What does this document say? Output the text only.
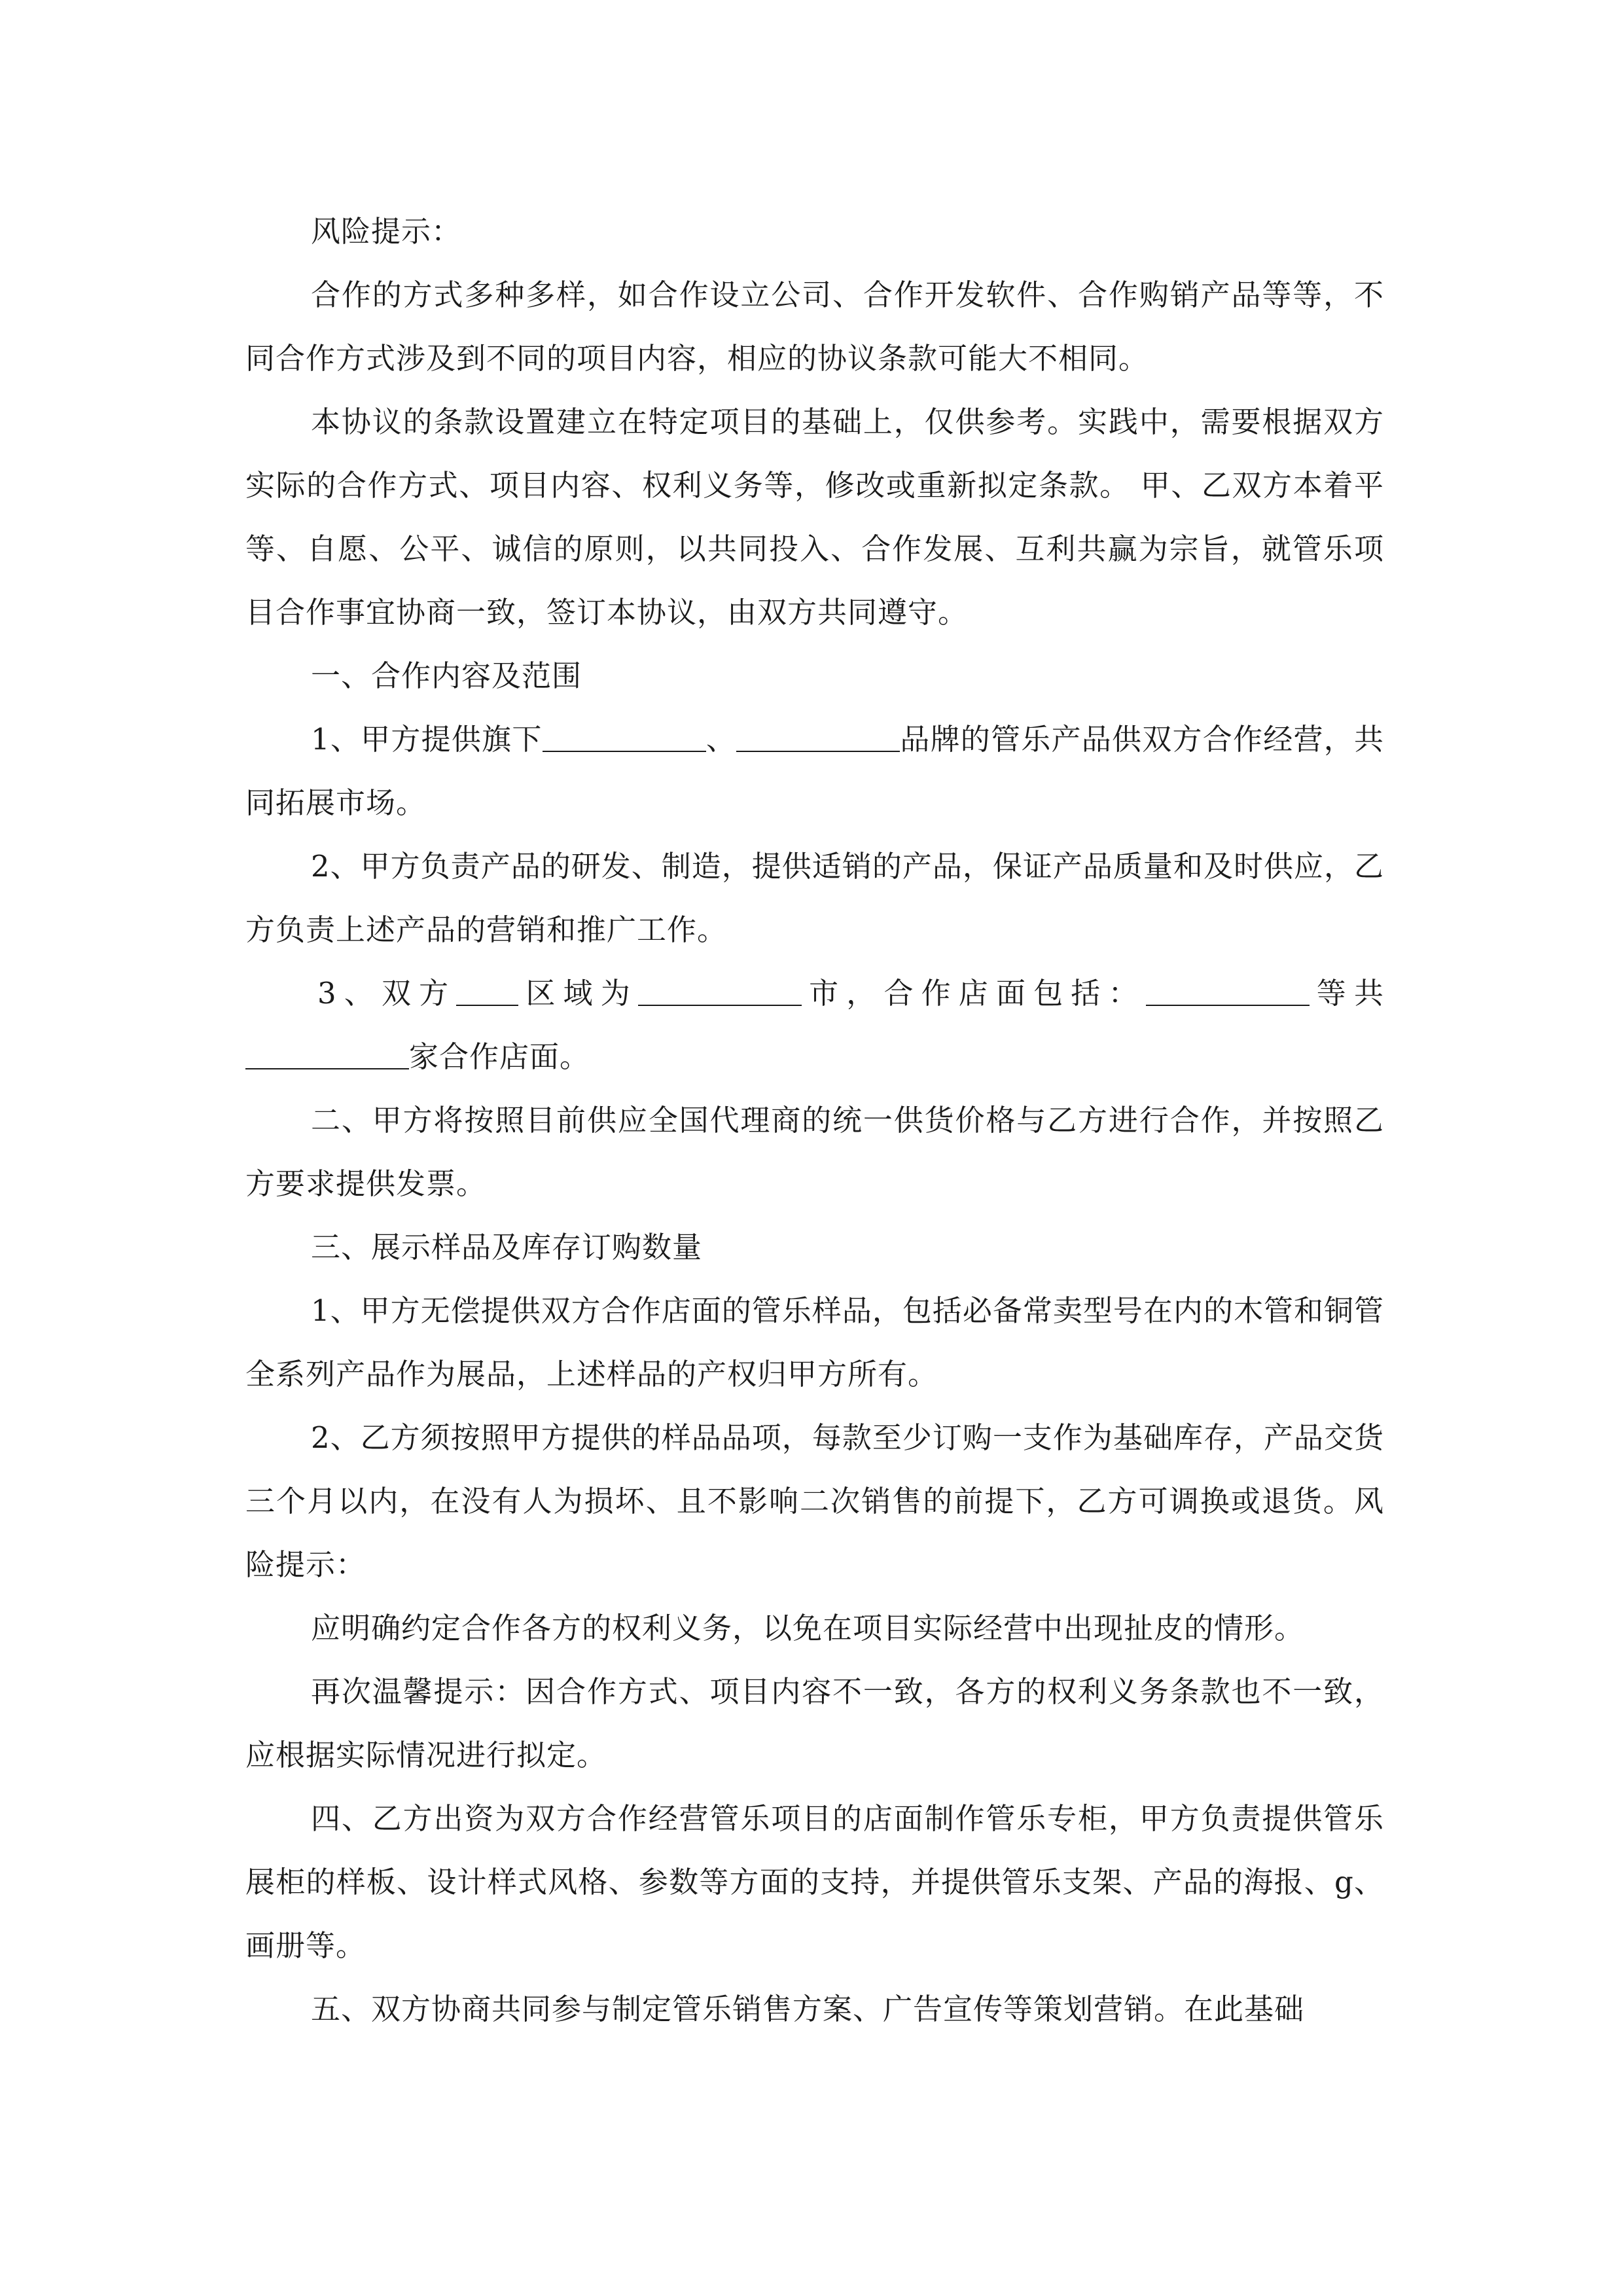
风险提示：

合作的方式多种多样，如合作设立公司、合作开发软件、合作购销产品等等，不同合作方式涉及到不同的项目内容，相应的协议条款可能大不相同。

本协议的条款设置建立在特定项目的基础上，仅供参考。实践中，需要根据双方实际的合作方式、项目内容、权利义务等，修改或重新拟定条款。 甲、乙双方本着平等、自愿、公平、诚信的原则，以共同投入、合作发展、互利共赢为宗旨，就管乐项目合作事宜协商一致，签订本协议，由双方共同遵守。

一、合作内容及范围

1、甲方提供旗下	、	品牌的管乐产品供双方合作经营，共同拓展市场。

2、甲方负责产品的研发、制造，提供适销的产品，保证产品质量和及时供应，乙方负责上述产品的营销和推广工作。

3、双方 区域为	市，合作店面包括：	等共家合作店面。

二、甲方将按照目前供应全国代理商的统一供货价格与乙方进行合作，并按照乙方要求提供发票。

三、展示样品及库存订购数量

1、甲方无偿提供双方合作店面的管乐样品，包括必备常卖型号在内的木管和铜管全系列产品作为展品，上述样品的产权归甲方所有。

2、乙方须按照甲方提供的样品品项，每款至少订购一支作为基础库存，产品交货三个月以内，在没有人为损坏、且不影响二次销售的前提下，乙方可调换或退货。风险提示：

应明确约定合作各方的权利义务，以免在项目实际经营中出现扯皮的情形。

再次温馨提示：因合作方式、项目内容不一致，各方的权利义务条款也不一致，应根据实际情况进行拟定。

四、乙方出资为双方合作经营管乐项目的店面制作管乐专柜，甲方负责提供管乐展柜的样板、设计样式风格、参数等方面的支持，并提供管乐支架、产品的海报、g、画册等。

五、双方协商共同参与制定管乐销售方案、广告宣传等策划营销。在此基础
